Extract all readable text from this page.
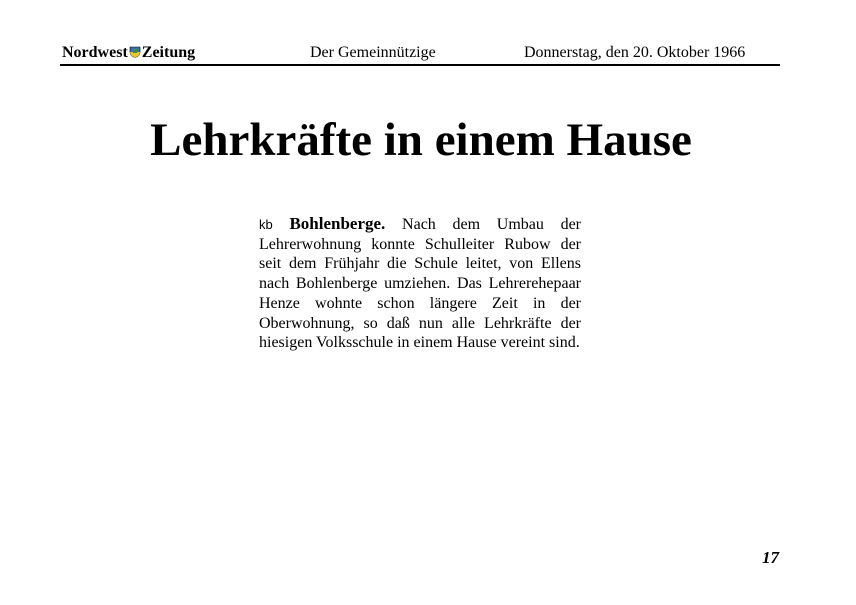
Nordwest Zeitung	Der Gemeinnützige	Donnerstag, den 20. Oktober 1966
Lehrkräfte in einem Hause

kb Bohlenberge. Nach dem Umbau der Lehrerwohnung konnte Schulleiter Rubow der seit dem Frühjahr die Schule leitet, von Ellens nach Bohlenberge umziehen. Das Lehrerehepaar Henze wohnte schon längere Zeit in der Oberwohnung, so daß nun alle Lehrkräfte der hiesigen Volksschule in einem Hause vereint sind.

17
